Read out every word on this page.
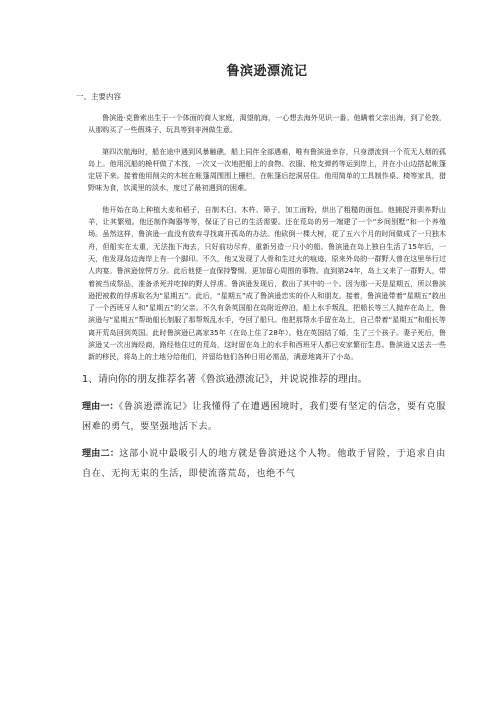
鲁滨逊漂流记
一、主要内容

鲁滨逊·克鲁索出生于一个体面的商人家庭，渴望航海，一心想去海外见识一番。他瞒着父亲出海，到了伦敦，从那购买了一些假珠子、玩具等到非洲做生意。

第四次航海时，船在途中遇到风暴触礁，船上同伴全部遇难，唯有鲁滨逊幸存，只身漂流到一个荒无人烟的孤岛上。他用沉船的桅杆做了木筏，一次又一次地把船上的食物、衣服、枪支弹药等运到岸上，并在小山边搭起帐篷定居下来。接着他用削尖的木桩在帐篷周围围上栅栏，在帐篷后挖洞居住。他用简单的工具制作桌、椅等家具，猎野味为食，饮溪里的淡水，度过了最初遇到的困难。

他开始在岛上种植大麦和稻子，自制木臼、木杵、筛子，加工面粉，烘出了粗糙的面包。他捕捉并驯养野山羊，让其繁殖。他还制作陶器等等，保证了自己的生活需要。还在荒岛的另一端建了一个“乡间别墅”和一个养殖场。虽然这样，鲁滨逊一直没有放弃寻找离开孤岛的办法。他砍倒一棵大树，花了五六个月的时间做成了一只独木舟，但船实在太重，无法拖下海去，只好前功尽弃，重新另造一只小的船。鲁滨逊在岛上独自生活了15年后，一天，他发现岛边海岸上有一个脚印。不久，他又发现了人骨和生过火的痕迹，原来外岛的一群野人曾在这里举行过人肉宴。鲁滨逊惊愕万分。此后他便一直保持警惕，更加留心周围的事物。直到第24年，岛上又来了一群野人，带着被当成祭品，准备杀死并吃掉的野人俘虏。鲁滨逊发现后，救出了其中的一个。因为那一天是星期五，所以鲁滨逊把被救的俘虏取名为“星期五”。此后，“星期五”成了鲁滨逊忠实的仆人和朋友。接着，鲁滨逊带着“星期五”救出了一个西班牙人和“星期五”的父亲。不久有条英国船在岛附近停泊，船上水手叛乱，把船长等三人抛弃在岛上，鲁滨逊与“星期五”帮助船长制服了那帮叛乱水手，夺回了船只。他把那帮水手留在岛上，自己带着“星期五”和船长等离开荒岛回到英国。此时鲁滨逊已离家35年（在岛上住了28年）。他在英国结了婚，生了三个孩子。妻子死后，鲁滨逊又一次出海经商，路经他住过的荒岛，这时留在岛上的水手和西班牙人都已安家繁衍生息。鲁滨逊又送去一些新的移民，将岛上的土地分给他们，并留给他们各种日用必需品，满意地离开了小岛。

1、请向你的朋友推荐名著《鲁滨逊漂流记》，并说说推荐的理由。

理由一：《鲁滨逊漂流记》让我懂得了在遭遇困境时，我们要有坚定的信念，要有克服困难的勇气，要坚强地活下去。

理由二：这部小说中最吸引人的地方就是鲁滨逊这个人物。他敢于冒险，于追求自由自在、无拘无束的生活，即使流落荒岛，也绝不气
